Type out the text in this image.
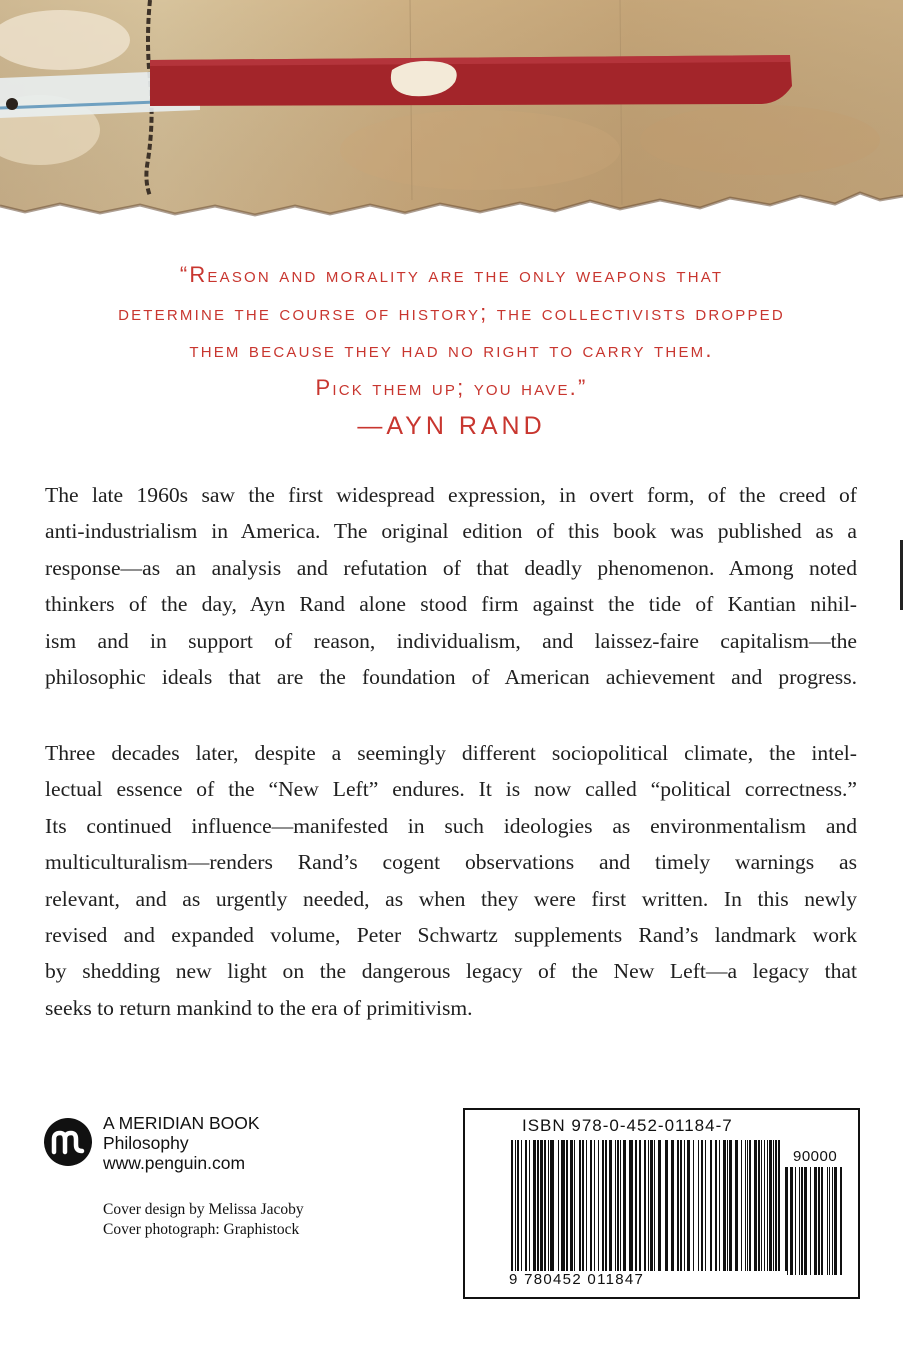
“Reason and morality are the only weapons that
determine the course of history; the collectivists dropped
them because they had no right to carry them.
Pick them up; you have.”
—AYN RAND
The late 1960s saw the first widespread expression, in overt form, of the creed of
anti-industrialism in America. The original edition of this book was published as a
response—as an analysis and refutation of that deadly phenomenon. Among noted
thinkers of the day, Ayn Rand alone stood firm against the tide of Kantian nihil-
ism and in support of reason, individualism, and laissez-faire capitalism—the
philosophic ideals that are the foundation of American achievement and progress.
Three decades later, despite a seemingly different sociopolitical climate, the intel-
lectual essence of the “New Left” endures. It is now called “political correctness.”
Its continued influence—manifested in such ideologies as environmentalism and
multiculturalism—renders Rand’s cogent observations and timely warnings as
relevant, and as urgently needed, as when they were first written. In this newly
revised and expanded volume, Peter Schwartz supplements Rand’s landmark work
by shedding new light on the dangerous legacy of the New Left—a legacy that
seeks to return mankind to the era of primitivism.
A MERIDIAN BOOK
Philosophy
www.penguin.com
Cover design by Melissa Jacoby
Cover photograph: Graphistock
ISBN 978-0-452-01184-7
90000
9 780452 011847
